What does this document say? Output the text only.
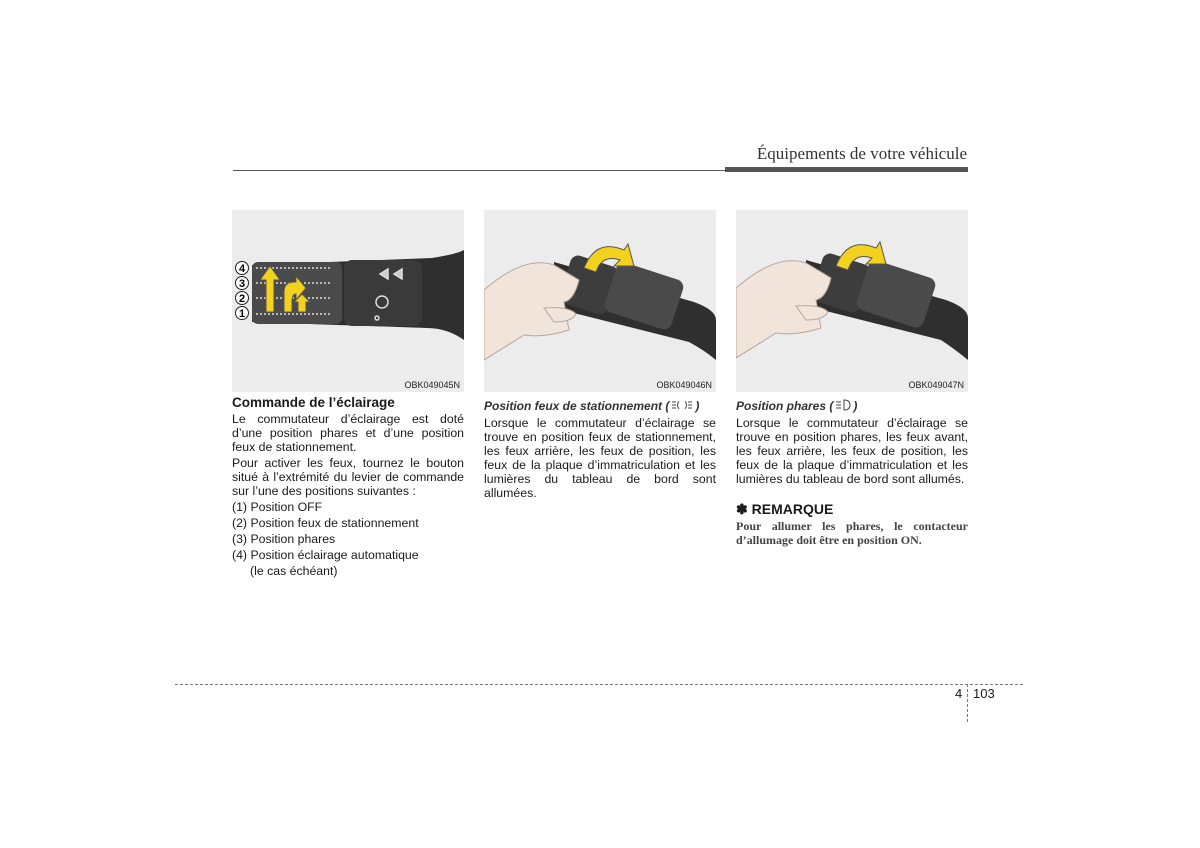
Équipements de votre véhicule
4
3
2
1
OBK049045N	OBK049046N	OBK049047N
Commande de l’éclairage

Le commutateur d’éclairage est doté d’une position phares et d’une position feux de stationnement.

Pour activer les feux, tournez le bouton situé à l’extrémité du levier de commande sur l’une des positions suivantes :

(1) Position OFF
(2) Position feux de stationnement
(3) Position phares
(4) Position éclairage automatique
(le cas échéant)
Position feux de stationnement ( )

Lorsque le commutateur d’éclairage se trouve en position feux de stationnement, les feux arrière, les feux de position, les feux de la plaque d’immatriculation et les lumières du tableau de bord sont allumées.

Position phares ( )

Lorsque le commutateur d’éclairage se trouve en position phares, les feux avant, les feux arrière, les feux de position, les feux de la plaque d’immatriculation et les lumières du tableau de bord sont allumés.

✽ REMARQUE
Pour allumer les phares, le contacteur d’allumage doit être en position ON.
4 103
